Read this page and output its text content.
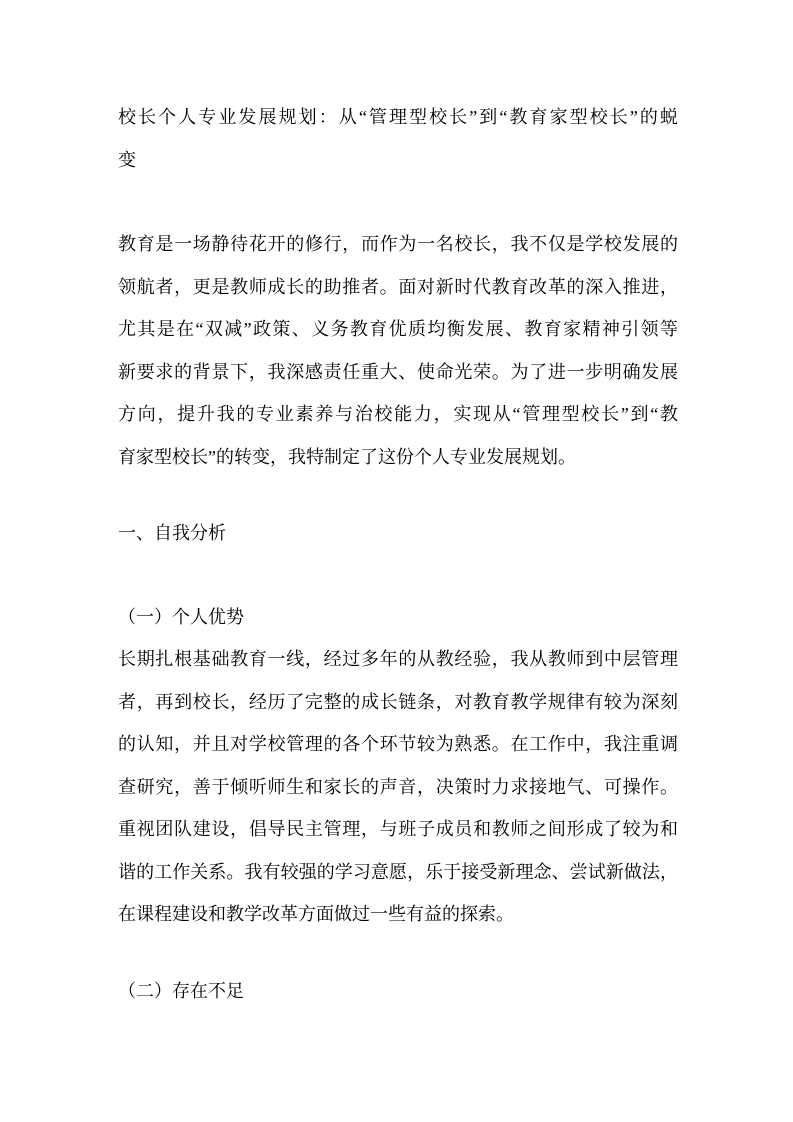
校长个人专业发展规划：从“管理型校长”到“教育家型校长”的蜕
变
教育是一场静待花开的修行，而作为一名校长，我不仅是学校发展的
领航者，更是教师成长的助推者。面对新时代教育改革的深入推进，
尤其是在“双减”政策、义务教育优质均衡发展、教育家精神引领等
新要求的背景下，我深感责任重大、使命光荣。为了进一步明确发展
方向，提升我的专业素养与治校能力，实现从“管理型校长”到“教
育家型校长”的转变，我特制定了这份个人专业发展规划。
一、自我分析
（一）个人优势
长期扎根基础教育一线，经过多年的从教经验，我从教师到中层管理
者，再到校长，经历了完整的成长链条，对教育教学规律有较为深刻
的认知，并且对学校管理的各个环节较为熟悉。在工作中，我注重调
查研究，善于倾听师生和家长的声音，决策时力求接地气、可操作。
重视团队建设，倡导民主管理，与班子成员和教师之间形成了较为和
谐的工作关系。我有较强的学习意愿，乐于接受新理念、尝试新做法，
在课程建设和教学改革方面做过一些有益的探索。
（二）存在不足
